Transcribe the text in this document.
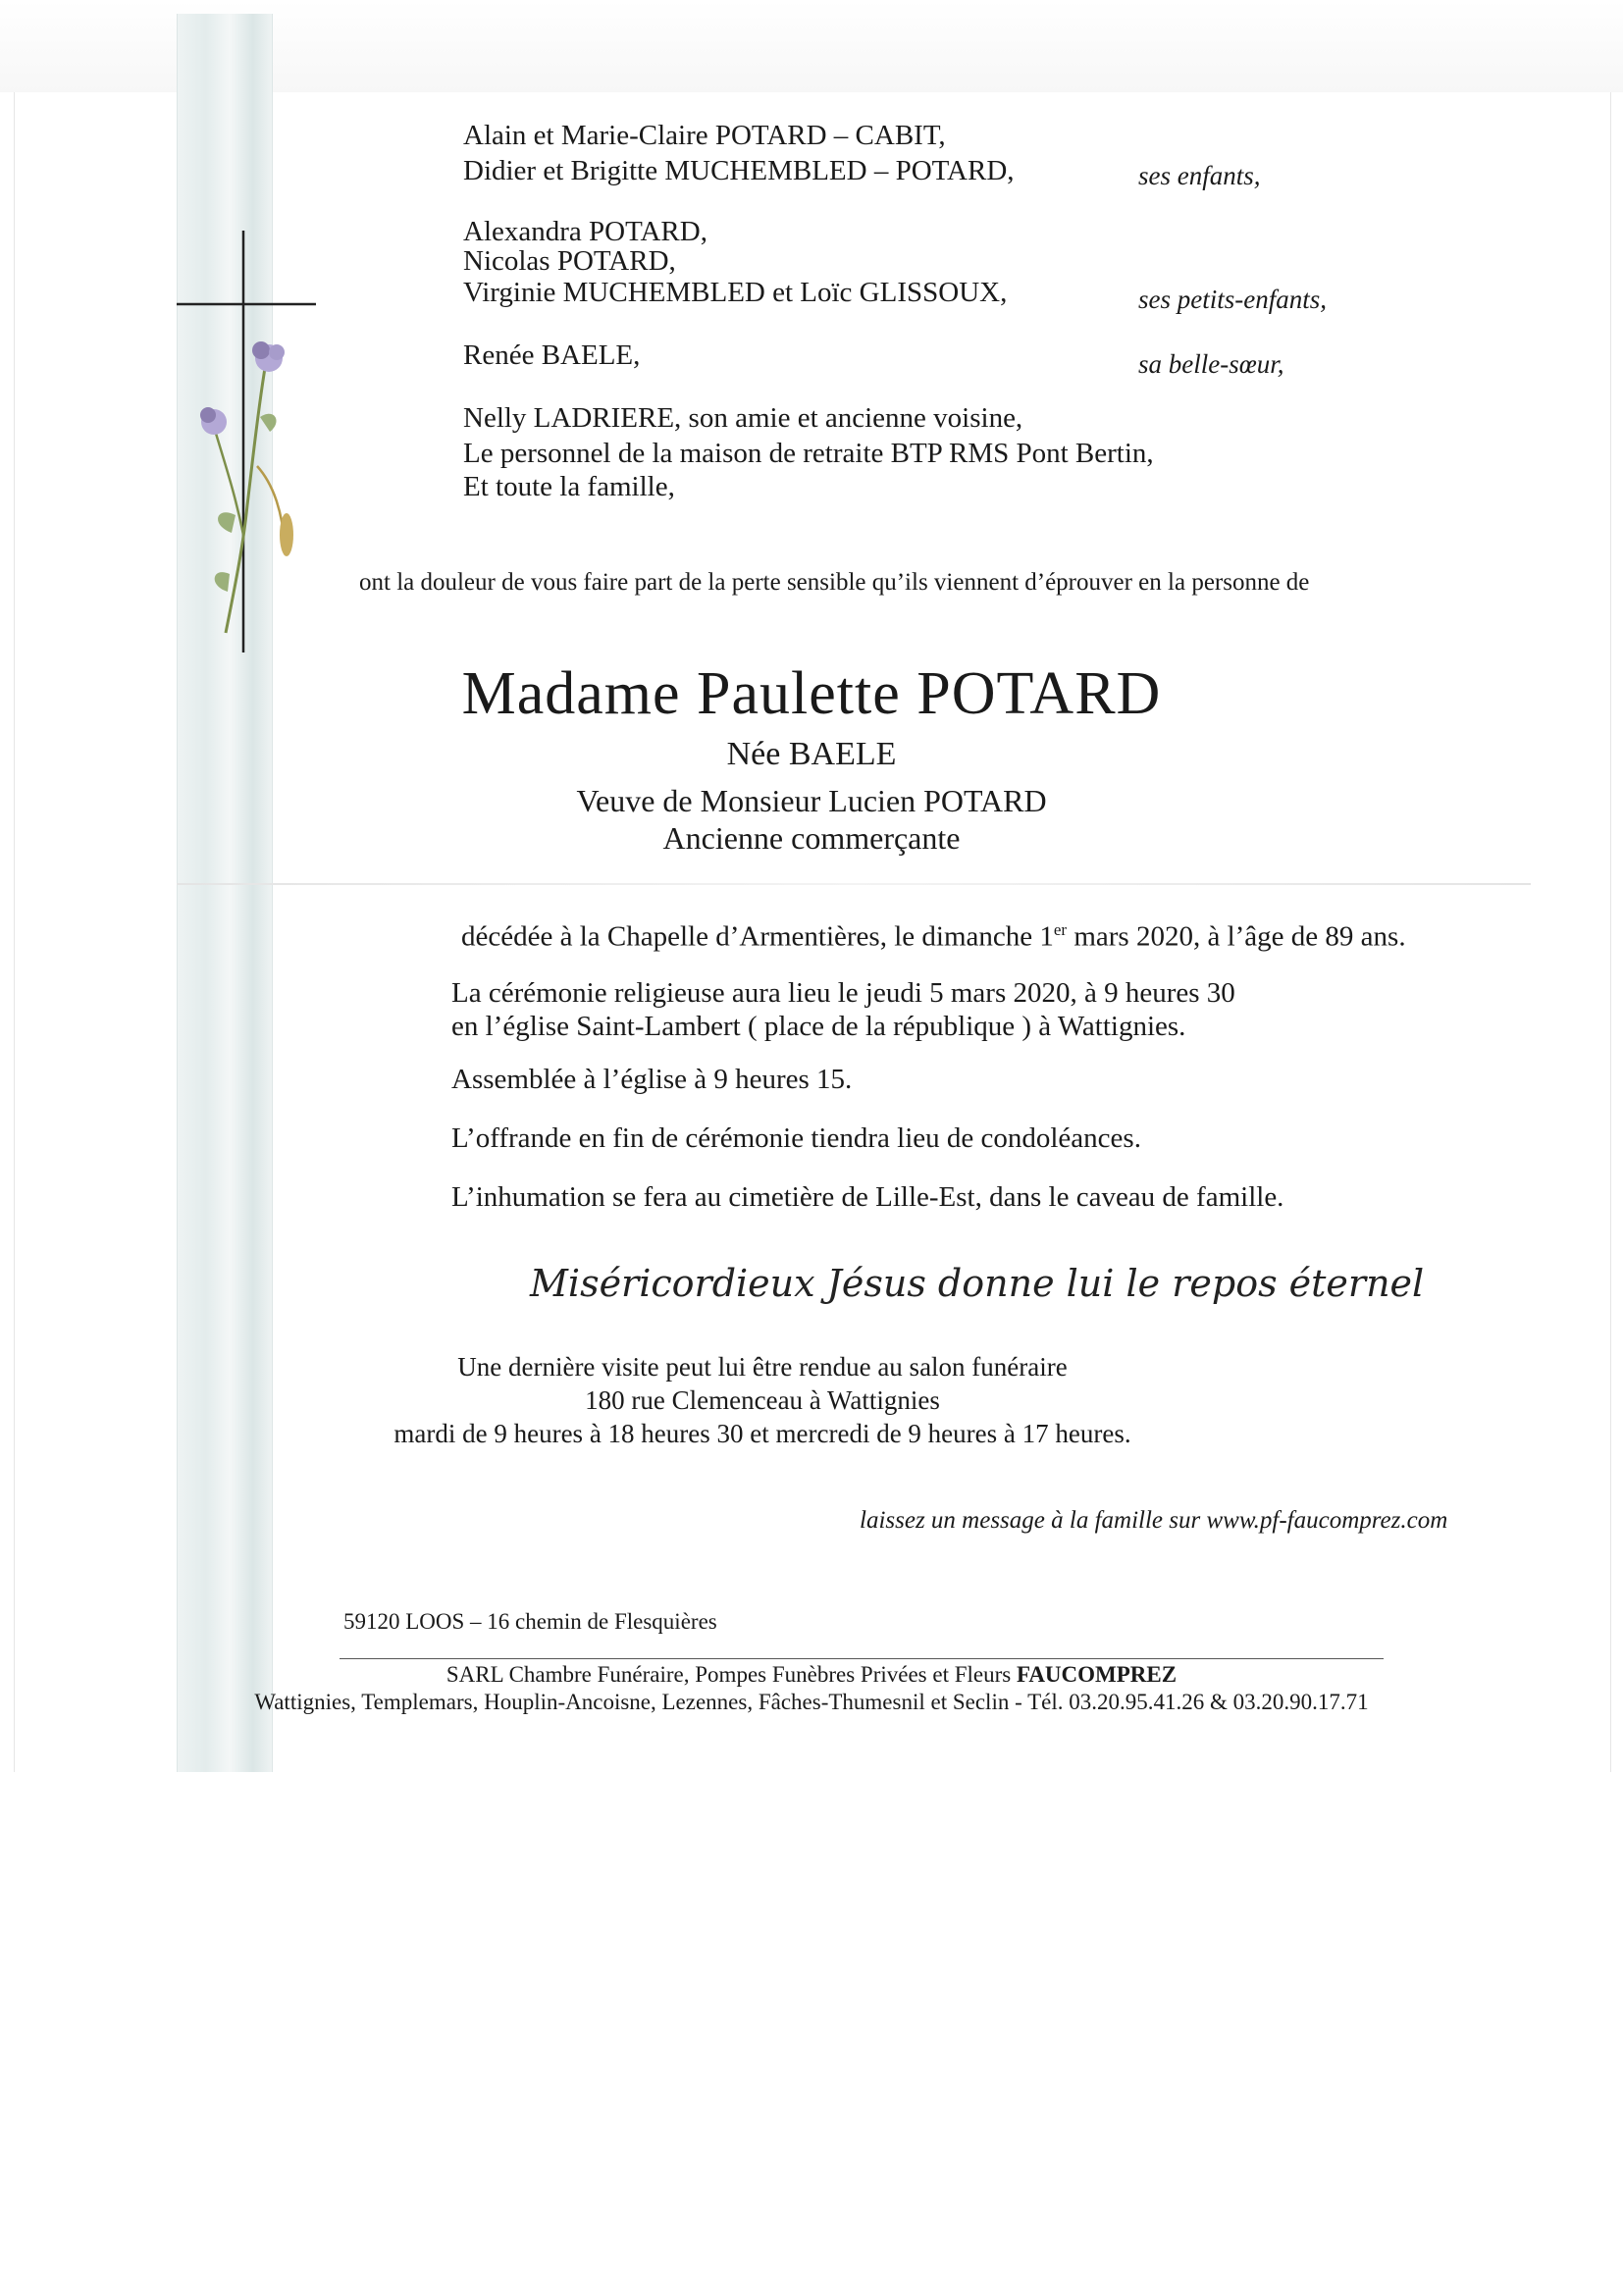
Alain et Marie-Claire POTARD – CABIT,
Didier et Brigitte MUCHEMBLED – POTARD,	ses enfants,
Alexandra POTARD,
Nicolas POTARD,
Virginie MUCHEMBLED et Loïc GLISSOUX,	ses petits-enfants,
Renée BAELE,	sa belle-sœur,
Nelly LADRIERE, son amie et ancienne voisine,
Le personnel de la maison de retraite BTP RMS Pont Bertin,
Et toute la famille,
ont la douleur de vous faire part de la perte sensible qu’ils viennent d’éprouver en la personne de
Madame Paulette POTARD
Née BAELE
Veuve de Monsieur Lucien POTARD
Ancienne commerçante
décédée à la Chapelle d’Armentières, le dimanche 1er mars 2020, à l’âge de 89 ans.
La cérémonie religieuse aura lieu le jeudi 5 mars 2020, à 9 heures 30
en l’église Saint-Lambert ( place de la république ) à Wattignies.
Assemblée à l’église à 9 heures 15.
L’offrande en fin de cérémonie tiendra lieu de condoléances.
L’inhumation se fera au cimetière de Lille-Est, dans le caveau de famille.
Miséricordieux Jésus donne lui le repos éternel
Une dernière visite peut lui être rendue au salon funéraire
180 rue Clemenceau à Wattignies
mardi de 9 heures à 18 heures 30 et mercredi de 9 heures à 17 heures.
laissez un message à la famille sur www.pf-faucomprez.com
59120 LOOS – 16 chemin de Flesquières
SARL Chambre Funéraire, Pompes Funèbres Privées et Fleurs FAUCOMPREZ
Wattignies, Templemars, Houplin-Ancoisne, Lezennes, Fâches-Thumesnil et Seclin - Tél. 03.20.95.41.26 & 03.20.90.17.71
